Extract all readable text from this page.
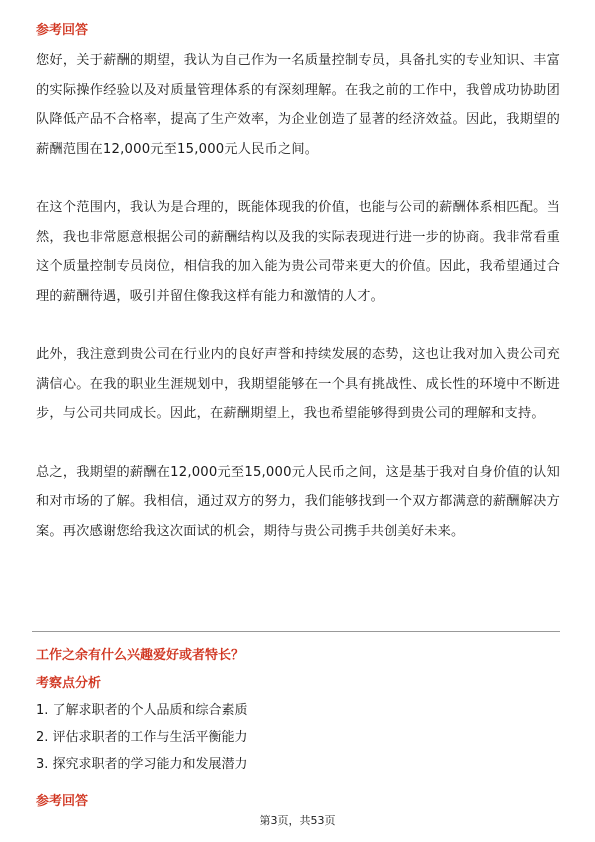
参考回答

您好，关于薪酬的期望，我认为自己作为一名质量控制专员，具备扎实的专业知识、丰富的实际操作经验以及对质量管理体系的有深刻理解。在我之前的工作中，我曾成功协助团队降低产品不合格率，提高了生产效率，为企业创造了显著的经济效益。因此，我期望的薪酬范围在12,000元至15,000元人民币之间。

在这个范围内，我认为是合理的，既能体现我的价值，也能与公司的薪酬体系相匹配。当然，我也非常愿意根据公司的薪酬结构以及我的实际表现进行进一步的协商。我非常看重这个质量控制专员岗位，相信我的加入能为贵公司带来更大的价值。因此，我希望通过合理的薪酬待遇，吸引并留住像我这样有能力和激情的人才。

此外，我注意到贵公司在行业内的良好声誉和持续发展的态势，这也让我对加入贵公司充满信心。在我的职业生涯规划中，我期望能够在一个具有挑战性、成长性的环境中不断进步，与公司共同成长。因此，在薪酬期望上，我也希望能够得到贵公司的理解和支持。

总之，我期望的薪酬在12,000元至15,000元人民币之间，这是基于我对自身价值的认知和对市场的了解。我相信，通过双方的努力，我们能够找到一个双方都满意的薪酬解决方案。再次感谢您给我这次面试的机会，期待与贵公司携手共创美好未来。

工作之余有什么兴趣爱好或者特长？

考察点分析

1. 了解求职者的个人品质和综合素质
2. 评估求职者的工作与生活平衡能力
3. 探究求职者的学习能力和发展潜力

参考回答

第3页，共53页
